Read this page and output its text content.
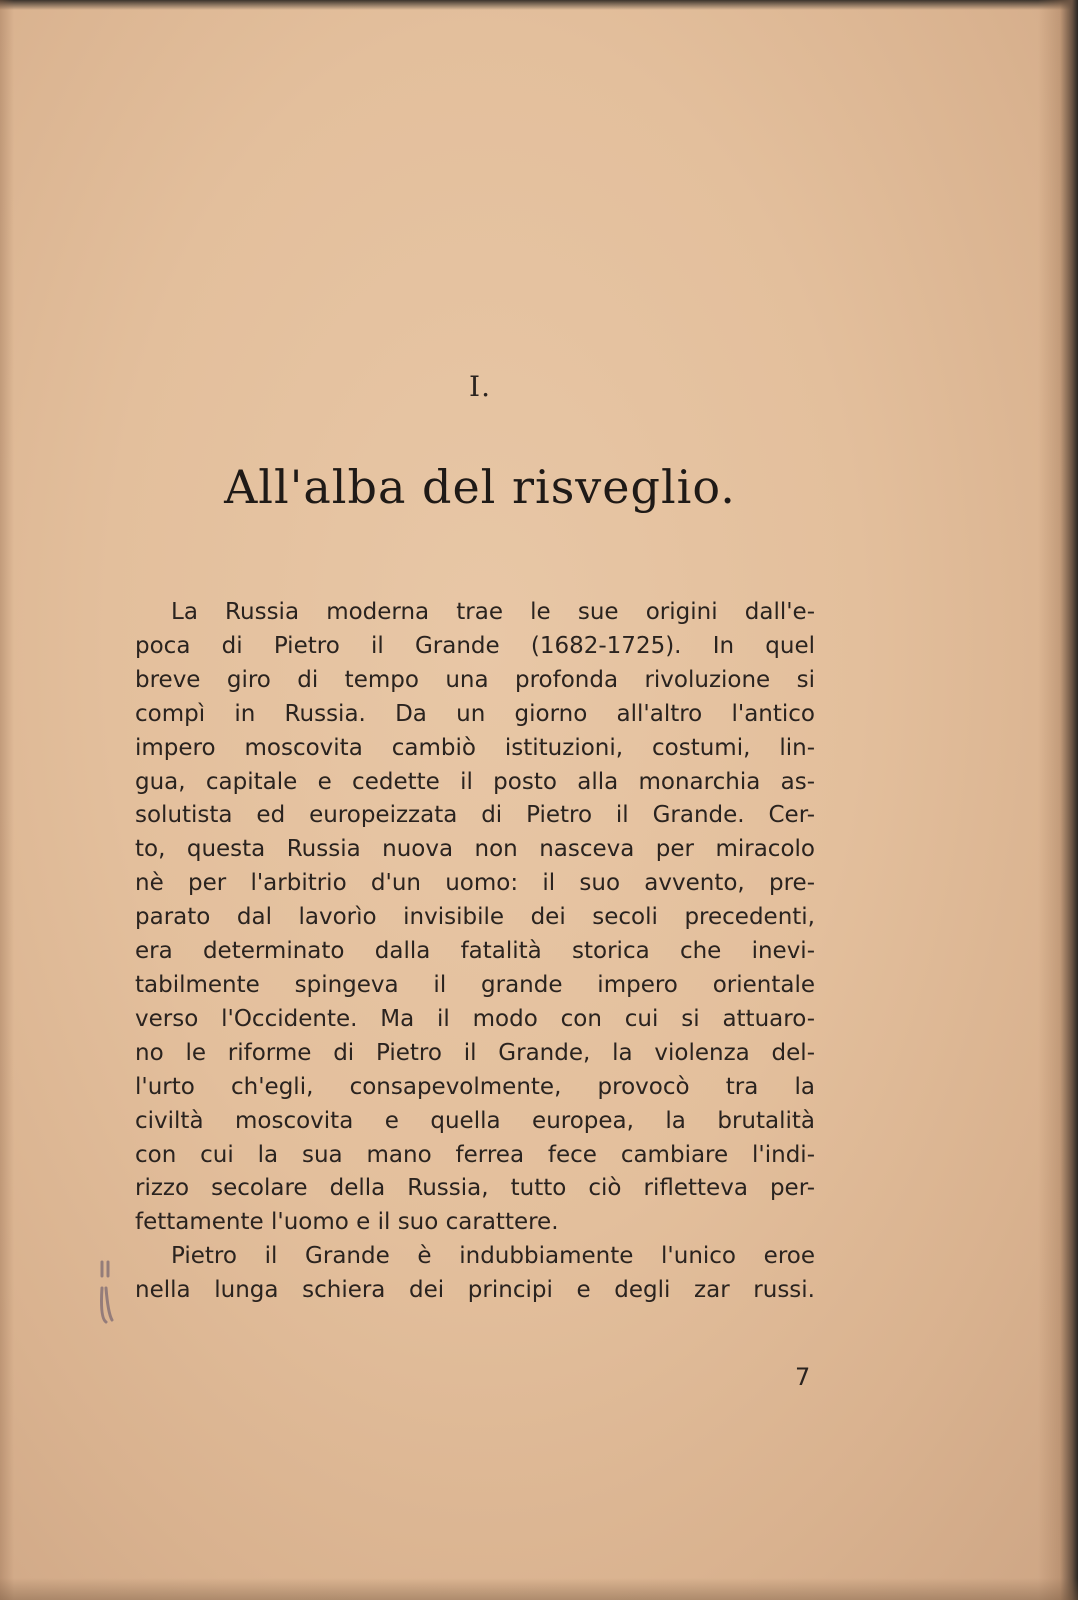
I.
All'alba del risveglio.
La Russia moderna trae le sue origini dall'e-
poca di Pietro il Grande (1682-1725). In quel
breve giro di tempo una profonda rivoluzione si
compì in Russia. Da un giorno all'altro l'antico
impero moscovita cambiò istituzioni, costumi, lin-
gua, capitale e cedette il posto alla monarchia as-
solutista ed europeizzata di Pietro il Grande. Cer-
to, questa Russia nuova non nasceva per miracolo
nè per l'arbitrio d'un uomo: il suo avvento, pre-
parato dal lavorìo invisibile dei secoli precedenti,
era determinato dalla fatalità storica che inevi-
tabilmente spingeva il grande impero orientale
verso l'Occidente. Ma il modo con cui si attuaro-
no le riforme di Pietro il Grande, la violenza del-
l'urto ch'egli, consapevolmente, provocò tra la
civiltà moscovita e quella europea, la brutalità
con cui la sua mano ferrea fece cambiare l'indi-
rizzo secolare della Russia, tutto ciò rifletteva per-
fettamente l'uomo e il suo carattere.
Pietro il Grande è indubbiamente l'unico eroe
nella lunga schiera dei principi e degli zar russi.
7
